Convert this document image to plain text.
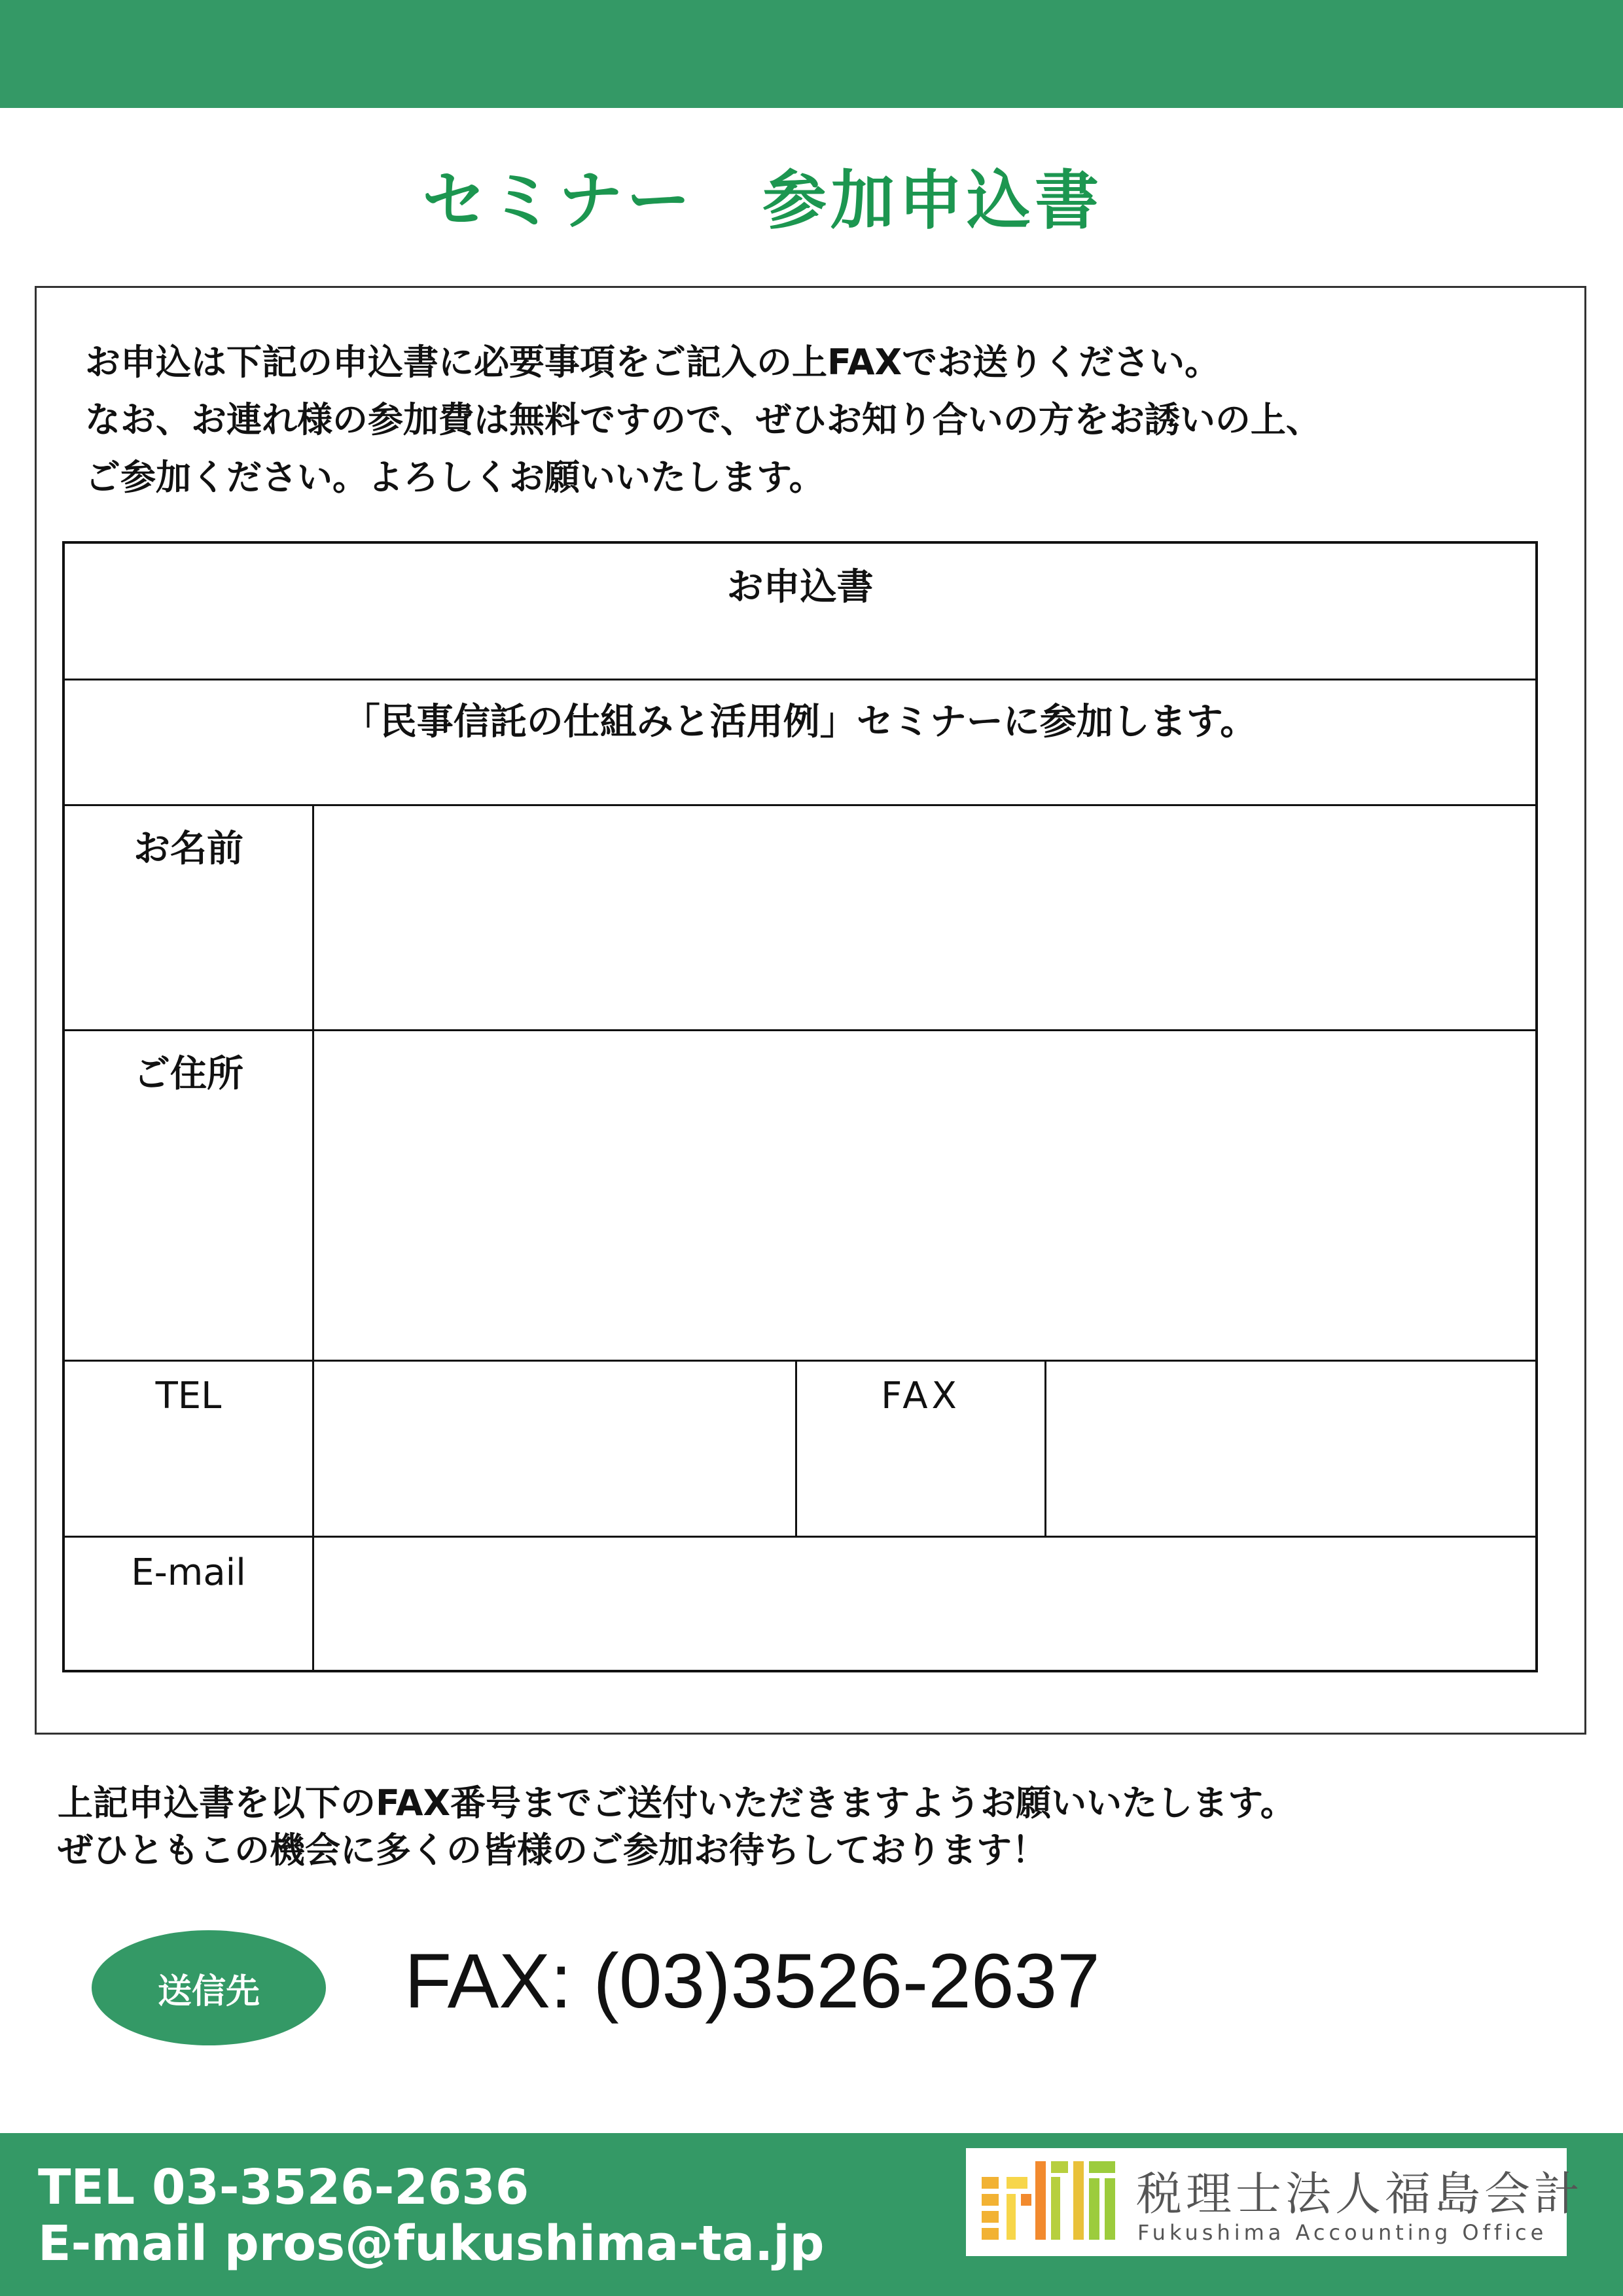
セミナー　参加申込書
お申込は下記の申込書に必要事項をご記入の上FAXでお送りください。
なお、お連れ様の参加費は無料ですので、ぜひお知り合いの方をお誘いの上、
ご参加ください。よろしくお願いいたします。
お申込書
「民事信託の仕組みと活用例」セミナーに参加します。
お名前
ご住所
TEL	FAX
E-mail
上記申込書を以下のFAX番号までご送付いただきますようお願いいたします。
ぜひともこの機会に多くの皆様のご参加お待ちしております！
送信先 FAX: (03)3526-2637
TEL 03-3526-2636
E-mail pros@fukushima-ta.jp
税理士法人福島会計
Fukushima Accounting Office
